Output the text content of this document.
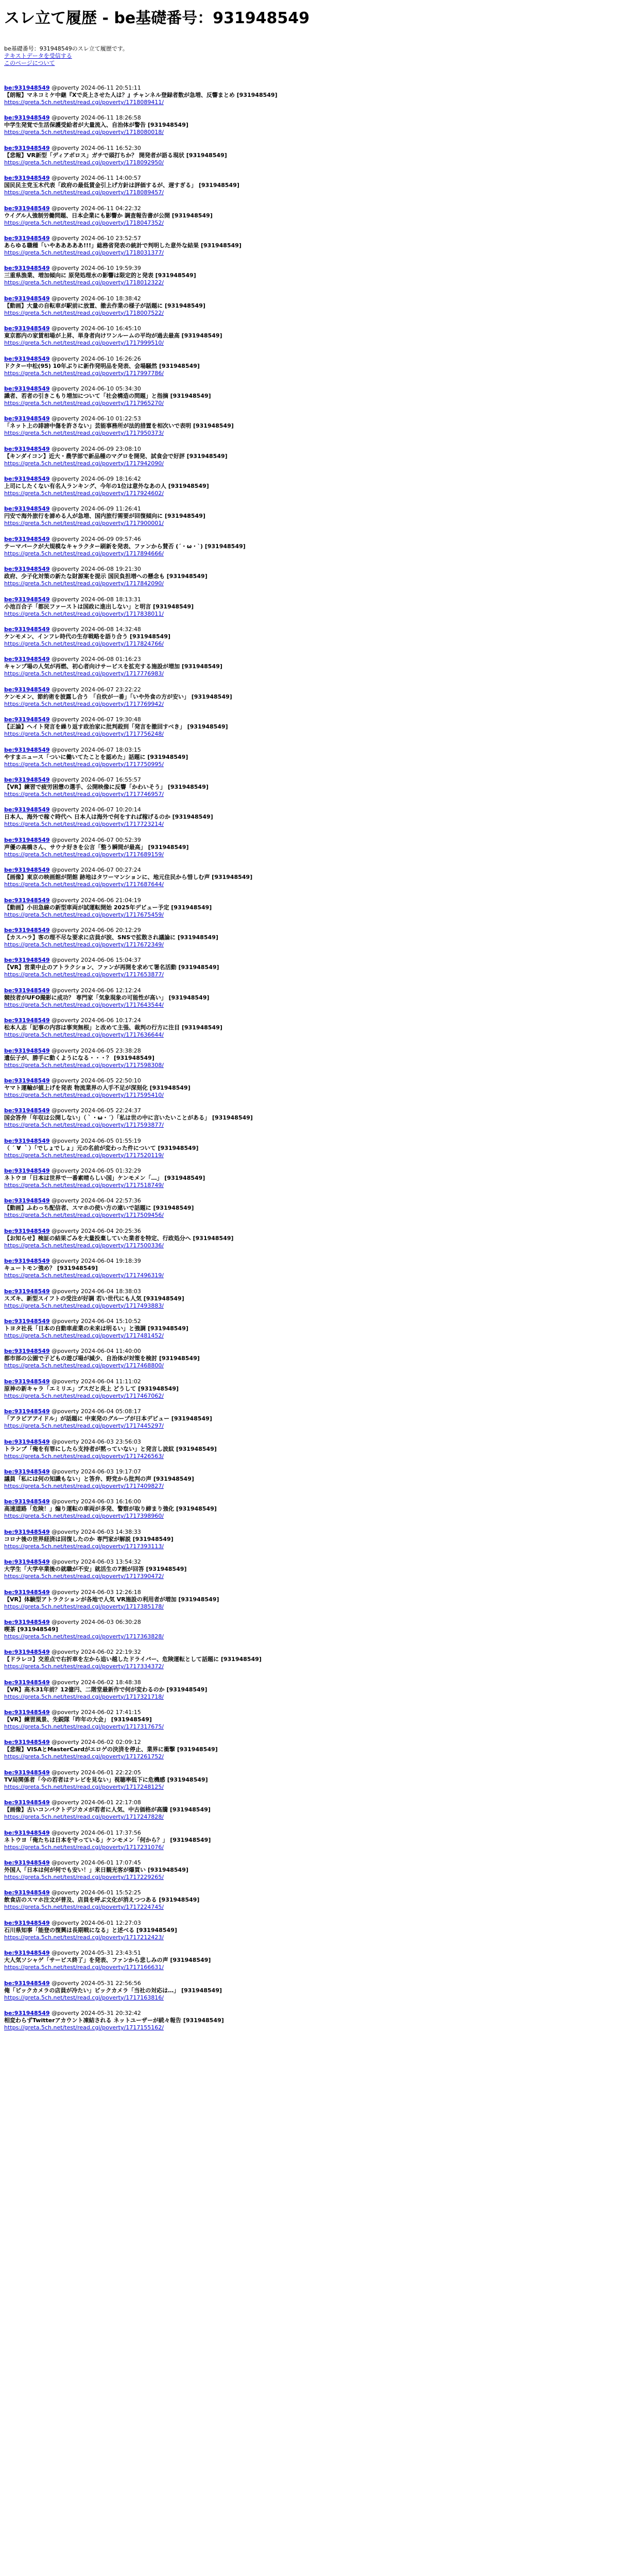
スレ立て履歴 - be基礎番号：931948549
be基礎番号：931948549のスレ立て履歴です。
テキストデータを受信する
このページについて
be:931948549 @poverty 2024-06-11 20:51:11
【朗報】マネコミケ中継『Xで炎上させた人は？』チャンネル登録者数が急増、反響まとめ [931948549]
https://greta.5ch.net/test/read.cgi/poverty/1718089411/
be:931948549 @poverty 2024-06-11 18:26:58
中学生発覚で生活保護受給者が大量流入、自治体が警告 [931948549]
https://greta.5ch.net/test/read.cgi/poverty/1718080018/
be:931948549 @poverty 2024-06-11 16:52:30
【悲報】VR新型「ディアボロス」ガチで頭打ちか？ 開発者が語る現状 [931948549]
https://greta.5ch.net/test/read.cgi/poverty/1718092950/
be:931948549 @poverty 2024-06-11 14:00:57
国民民主党玉木代表「政府の最低賃金引上げ方針は評価するが、遅すぎる」 [931948549]
https://greta.5ch.net/test/read.cgi/poverty/1718089457/
be:931948549 @poverty 2024-06-11 04:22:32
ウイグル人強制労働問題、日本企業にも影響か 調査報告書が公開 [931948549]
https://greta.5ch.net/test/read.cgi/poverty/1718047352/
be:931948549 @poverty 2024-06-10 23:52:57
あらゆる職種「いやあああああ!!!」総務省発表の統計で判明した意外な結果 [931948549]
https://greta.5ch.net/test/read.cgi/poverty/1718031377/
be:931948549 @poverty 2024-06-10 19:59:39
三重県漁業、増加傾向に 原発処理水の影響は限定的と発表 [931948549]
https://greta.5ch.net/test/read.cgi/poverty/1718012322/
be:931948549 @poverty 2024-06-10 18:38:42
【動画】大量の自転車が駅前に放置、撤去作業の様子が話題に [931948549]
https://greta.5ch.net/test/read.cgi/poverty/1718007522/
be:931948549 @poverty 2024-06-10 16:45:10
東京都内の家賃相場が上昇、単身者向けワンルームの平均が過去最高 [931948549]
https://greta.5ch.net/test/read.cgi/poverty/1717999510/
be:931948549 @poverty 2024-06-10 16:26:26
ドクター中松(95) 10年ぶりに新作発明品を発表、会場騒然 [931948549]
https://greta.5ch.net/test/read.cgi/poverty/1717997786/
be:931948549 @poverty 2024-06-10 05:34:30
識者、若者の引きこもり増加について「社会構造の問題」と指摘 [931948549]
https://greta.5ch.net/test/read.cgi/poverty/1717965270/
be:931948549 @poverty 2024-06-10 01:22:53
「ネット上の誹謗中傷を許さない」芸能事務所が法的措置を相次いで表明 [931948549]
https://greta.5ch.net/test/read.cgi/poverty/1717950373/
be:931948549 @poverty 2024-06-09 23:08:10
【キンダイコン】近大・農学部で新品種のマグロを開発、試食会で好評 [931948549]
https://greta.5ch.net/test/read.cgi/poverty/1717942090/
be:931948549 @poverty 2024-06-09 18:16:42
上司にしたくない有名人ランキング、今年の1位は意外なあの人 [931948549]
https://greta.5ch.net/test/read.cgi/poverty/1717924602/
be:931948549 @poverty 2024-06-09 11:26:41
円安で海外旅行を諦める人が急増、国内旅行需要が回復傾向に [931948549]
https://greta.5ch.net/test/read.cgi/poverty/1717900001/
be:931948549 @poverty 2024-06-09 09:57:46
テーマパークが大規模なキャラクター刷新を発表、ファンから賛否 (´・ω・`) [931948549]
https://greta.5ch.net/test/read.cgi/poverty/1717894666/
be:931948549 @poverty 2024-06-08 19:21:30
政府、少子化対策の新たな財源案を提示 国民負担増への懸念も [931948549]
https://greta.5ch.net/test/read.cgi/poverty/1717842090/
be:931948549 @poverty 2024-06-08 18:13:31
小池百合子「都民ファーストは国政に進出しない」と明言 [931948549]
https://greta.5ch.net/test/read.cgi/poverty/1717838011/
be:931948549 @poverty 2024-06-08 14:32:48
ケンモメン、インフレ時代の生存戦略を語り合う [931948549]
https://greta.5ch.net/test/read.cgi/poverty/1717824766/
be:931948549 @poverty 2024-06-08 01:16:23
キャンプ場の人気が再燃、初心者向けサービスを拡充する施設が増加 [931948549]
https://greta.5ch.net/test/read.cgi/poverty/1717776983/
be:931948549 @poverty 2024-06-07 23:22:22
ケンモメン、節約術を披露し合う 「自炊が一番」「いや外食の方が安い」 [931948549]
https://greta.5ch.net/test/read.cgi/poverty/1717769942/
be:931948549 @poverty 2024-06-07 19:30:48
【正論】ヘイト発言を繰り返す政治家に批判殺到「発言を撤回すべき」 [931948549]
https://greta.5ch.net/test/read.cgi/poverty/1717756248/
be:931948549 @poverty 2024-06-07 18:03:15
やすまニュース「ついに働いてたことを認めた」話題に [931948549]
https://greta.5ch.net/test/read.cgi/poverty/1717750995/
be:931948549 @poverty 2024-06-07 16:55:57
【VR】練習で疲労困憊の選手、公開映像に反響「かわいそう」 [931948549]
https://greta.5ch.net/test/read.cgi/poverty/1717746957/
be:931948549 @poverty 2024-06-07 10:20:14
日本人、海外で稼ぐ時代へ 日本人は海外で何をすれば稼げるのか [931948549]
https://greta.5ch.net/test/read.cgi/poverty/1717723214/
be:931948549 @poverty 2024-06-07 00:52:39
声優の高橋さん、サウナ好きを公言「整う瞬間が最高」 [931948549]
https://greta.5ch.net/test/read.cgi/poverty/1717689159/
be:931948549 @poverty 2024-06-07 00:27:24
【画像】東京の映画館が閉館 跡地はタワーマンションに、地元住民から惜しむ声 [931948549]
https://greta.5ch.net/test/read.cgi/poverty/1717687644/
be:931948549 @poverty 2024-06-06 21:04:19
【動画】小田急線の新型車両が試運転開始 2025年デビュー予定 [931948549]
https://greta.5ch.net/test/read.cgi/poverty/1717675459/
be:931948549 @poverty 2024-06-06 20:12:29
【カスハラ】客の理不尽な要求に店員が涙、SNSで拡散され議論に [931948549]
https://greta.5ch.net/test/read.cgi/poverty/1717672349/
be:931948549 @poverty 2024-06-06 15:04:37
【VR】営業中止のアトラクション、ファンが再開を求めて署名活動 [931948549]
https://greta.5ch.net/test/read.cgi/poverty/1717653877/
be:931948549 @poverty 2024-06-06 12:12:24
競技者がUFO撮影に成功？ 専門家「気象現象の可能性が高い」 [931948549]
https://greta.5ch.net/test/read.cgi/poverty/1717643544/
be:931948549 @poverty 2024-06-06 10:17:24
松本人志「記事の内容は事実無根」と改めて主張、裁判の行方に注目 [931948549]
https://greta.5ch.net/test/read.cgi/poverty/1717636644/
be:931948549 @poverty 2024-06-05 23:38:28
遺伝子が、勝手に動くようになる・・・？ [931948549]
https://greta.5ch.net/test/read.cgi/poverty/1717598308/
be:931948549 @poverty 2024-06-05 22:50:10
ヤマト運輸が値上げを発表 物流業界の人手不足が深刻化 [931948549]
https://greta.5ch.net/test/read.cgi/poverty/1717595410/
be:931948549 @poverty 2024-06-05 22:24:37
国会答弁「年収は公開しない」（｀・ω・´）「私は世の中に言いたいことがある」 [931948549]
https://greta.5ch.net/test/read.cgi/poverty/1717593877/
be:931948549 @poverty 2024-06-05 01:55:19
（ ´ ∀ ｀）「でしょでしょ」元の名前が変わった件について [931948549]
https://greta.5ch.net/test/read.cgi/poverty/1717520119/
be:931948549 @poverty 2024-06-05 01:32:29
ネトウヨ「日本は世界で一番素晴らしい国」ケンモメン「…」 [931948549]
https://greta.5ch.net/test/read.cgi/poverty/1717518749/
be:931948549 @poverty 2024-06-04 22:57:36
【動画】ふわっち配信者、スマホの使い方の違いで話題に [931948549]
https://greta.5ch.net/test/read.cgi/poverty/1717509456/
be:931948549 @poverty 2024-06-04 20:25:36
【お知らせ】検証の結果ごみを大量投棄していた業者を特定、行政処分へ [931948549]
https://greta.5ch.net/test/read.cgi/poverty/1717500336/
be:931948549 @poverty 2024-06-04 19:18:39
キュートモン強め？ [931948549]
https://greta.5ch.net/test/read.cgi/poverty/1717496319/
be:931948549 @poverty 2024-06-04 18:38:03
スズキ、新型スイフトの受注が好調 若い世代にも人気 [931948549]
https://greta.5ch.net/test/read.cgi/poverty/1717493883/
be:931948549 @poverty 2024-06-04 15:10:52
トヨタ社長「日本の自動車産業の未来は明るい」と強調 [931948549]
https://greta.5ch.net/test/read.cgi/poverty/1717481452/
be:931948549 @poverty 2024-06-04 11:40:00
都市部の公園で子どもの遊び場が減少、自治体が対策を検討 [931948549]
https://greta.5ch.net/test/read.cgi/poverty/1717468800/
be:931948549 @poverty 2024-06-04 11:11:02
原神の新キャラ「エミリエ」ブスだと炎上 どうして [931948549]
https://greta.5ch.net/test/read.cgi/poverty/1717467062/
be:931948549 @poverty 2024-06-04 05:08:17
「アラビアアイドル」が話題に 中東発のグループが日本デビュー [931948549]
https://greta.5ch.net/test/read.cgi/poverty/1717445297/
be:931948549 @poverty 2024-06-03 23:56:03
トランプ「俺を有罪にしたら支持者が黙っていない」と発言し波紋 [931948549]
https://greta.5ch.net/test/read.cgi/poverty/1717426563/
be:931948549 @poverty 2024-06-03 19:17:07
議員「私には何の知識もない」と答弁、野党から批判の声 [931948549]
https://greta.5ch.net/test/read.cgi/poverty/1717409827/
be:931948549 @poverty 2024-06-03 16:16:00
高速道路「危険！」煽り運転の車両が多発、警察が取り締まり強化 [931948549]
https://greta.5ch.net/test/read.cgi/poverty/1717398960/
be:931948549 @poverty 2024-06-03 14:38:33
コロナ後の世界経済は回復したのか 専門家が解説 [931948549]
https://greta.5ch.net/test/read.cgi/poverty/1717393113/
be:931948549 @poverty 2024-06-03 13:54:32
大学生「大学卒業後の就職が不安」就活生の7割が回答 [931948549]
https://greta.5ch.net/test/read.cgi/poverty/1717390472/
be:931948549 @poverty 2024-06-03 12:26:18
【VR】体験型アトラクションが各地で人気 VR施設の利用者が増加 [931948549]
https://greta.5ch.net/test/read.cgi/poverty/1717385178/
be:931948549 @poverty 2024-06-03 06:30:28
喫茶 [931948549]
https://greta.5ch.net/test/read.cgi/poverty/1717363828/
be:931948549 @poverty 2024-06-02 22:19:32
【ドラレコ】交差点で右折車を左から追い越したドライバー、危険運転として話題に [931948549]
https://greta.5ch.net/test/read.cgi/poverty/1717334372/
be:931948549 @poverty 2024-06-02 18:48:38
【VR】高木31年前？12億円、二階堂最新作で何が変わるのか [931948549]
https://greta.5ch.net/test/read.cgi/poverty/1717321718/
be:931948549 @poverty 2024-06-02 17:41:15
【VR】練習風景、先鋭隊「昨年の大会」 [931948549]
https://greta.5ch.net/test/read.cgi/poverty/1717317675/
be:931948549 @poverty 2024-06-02 02:09:12
【悲報】VISAとMasterCardがエロゲの決済を停止、業界に衝撃 [931948549]
https://greta.5ch.net/test/read.cgi/poverty/1717261752/
be:931948549 @poverty 2024-06-01 22:22:05
TV局関係者「今の若者はテレビを見ない」視聴率低下に危機感 [931948549]
https://greta.5ch.net/test/read.cgi/poverty/1717248125/
be:931948549 @poverty 2024-06-01 22:17:08
【画像】古いコンパクトデジカメが若者に人気、中古価格が高騰 [931948549]
https://greta.5ch.net/test/read.cgi/poverty/1717247828/
be:931948549 @poverty 2024-06-01 17:37:56
ネトウヨ「俺たちは日本を守っている」ケンモメン「何から？」 [931948549]
https://greta.5ch.net/test/read.cgi/poverty/1717231076/
be:931948549 @poverty 2024-06-01 17:07:45
外国人「日本は何が何でも安い！」来日観光客が爆買い [931948549]
https://greta.5ch.net/test/read.cgi/poverty/1717229265/
be:931948549 @poverty 2024-06-01 15:52:25
飲食店のスマホ注文が普及、店員を呼ぶ文化が消えつつある [931948549]
https://greta.5ch.net/test/read.cgi/poverty/1717224745/
be:931948549 @poverty 2024-06-01 12:27:03
石川県知事「能登の復興は長期戦になる」と述べる [931948549]
https://greta.5ch.net/test/read.cgi/poverty/1717212423/
be:931948549 @poverty 2024-05-31 23:43:51
大人気ソシャゲ「サービス終了」を発表、ファンから悲しみの声 [931948549]
https://greta.5ch.net/test/read.cgi/poverty/1717166631/
be:931948549 @poverty 2024-05-31 22:56:56
俺「ビックカメラの店員が冷たい」ビックカメラ「当社の対応は…」 [931948549]
https://greta.5ch.net/test/read.cgi/poverty/1717163816/
be:931948549 @poverty 2024-05-31 20:32:42
相変わらずTwitterアカウント凍結される ネットユーザーが続々報告 [931948549]
https://greta.5ch.net/test/read.cgi/poverty/1717155162/
